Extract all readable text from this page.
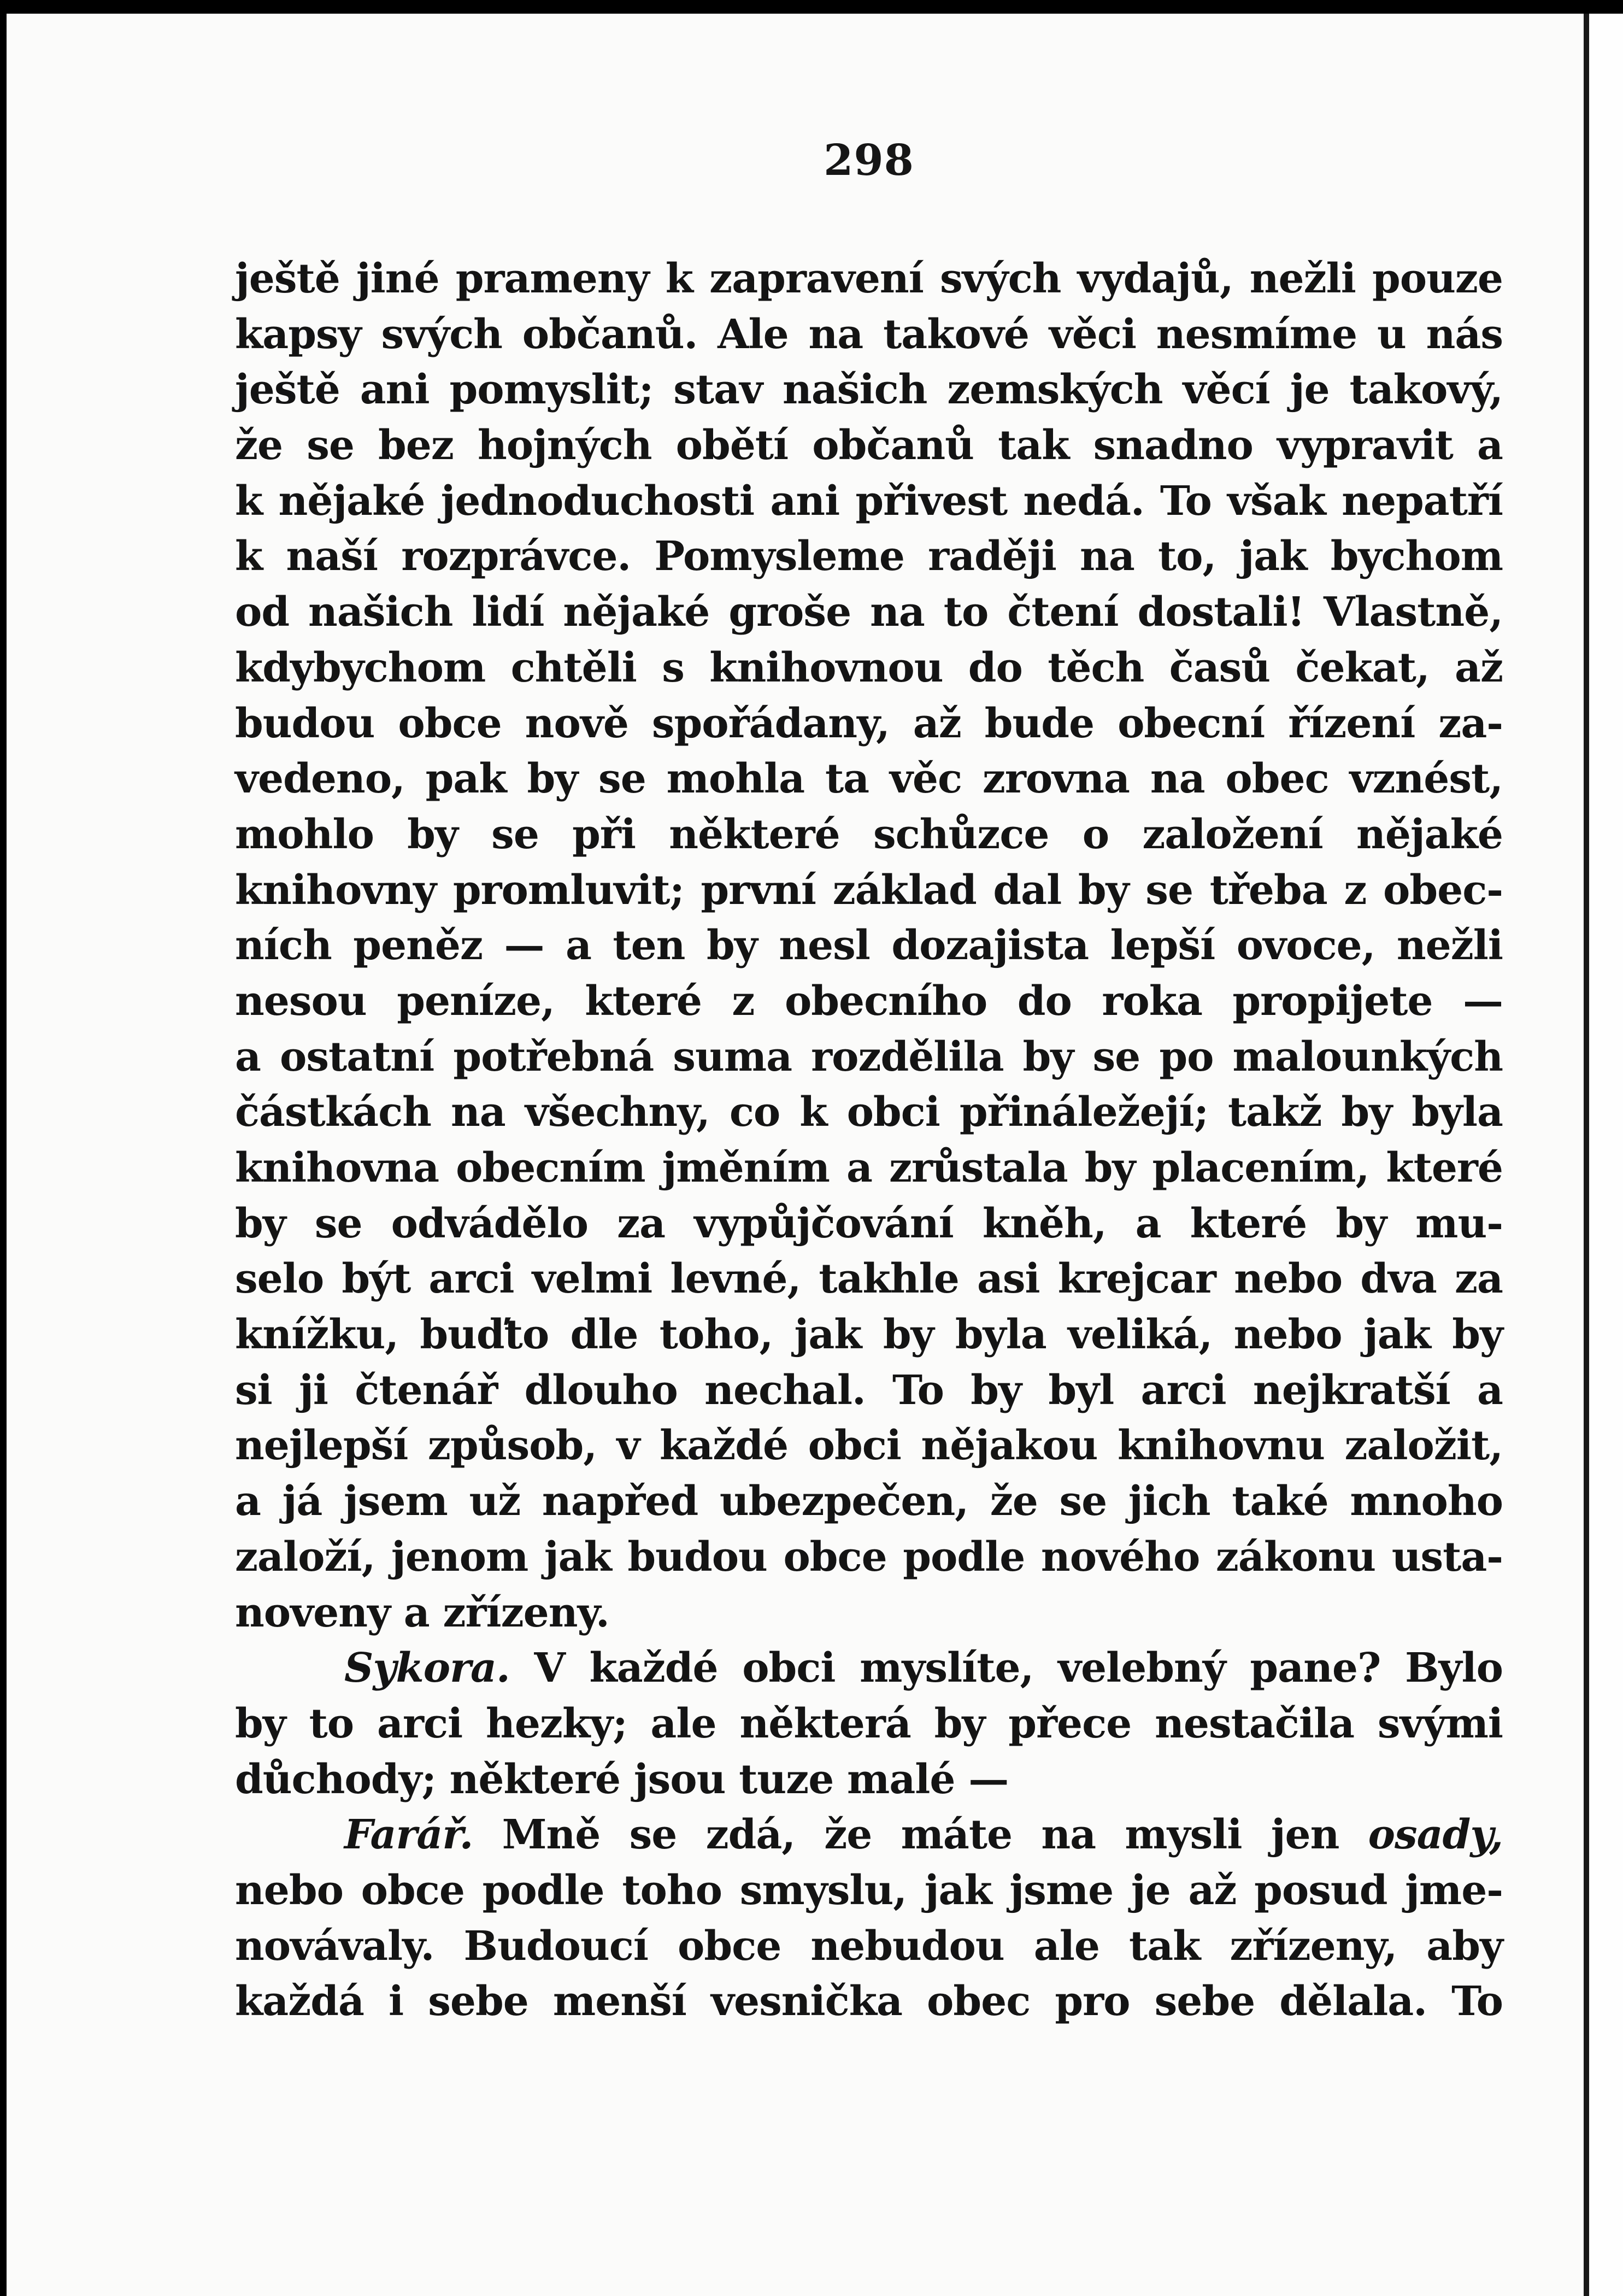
298
ještě jiné prameny k zapravení svých vydajů, nežli pouze
kapsy svých občanů. Ale na takové věci nesmíme u nás
ještě ani pomyslit; stav našich zemských věcí je takový,
že se bez hojných obětí občanů tak snadno vypravit a
k nějaké jednoduchosti ani přivest nedá. To však nepatří
k naší rozprávce. Pomysleme raději na to, jak bychom
od našich lidí nějaké groše na to čtení dostali! Vlastně,
kdybychom chtěli s knihovnou do těch časů čekat, až
budou obce nově spořádany, až bude obecní řízení za-
vedeno, pak by se mohla ta věc zrovna na obec vznést,
mohlo by se při některé schůzce o založení nějaké
knihovny promluvit; první základ dal by se třeba z obec-
ních peněz — a ten by nesl dozajista lepší ovoce, nežli
nesou peníze, které z obecního do roka propijete —
a ostatní potřebná suma rozdělila by se po malounkých
částkách na všechny, co k obci přináležejí; takž by byla
knihovna obecním jměním a zrůstala by placením, které
by se odvádělo za vypůjčování kněh, a které by mu-
selo být arci velmi levné, takhle asi krejcar nebo dva za
knížku, buďto dle toho, jak by byla veliká, nebo jak by
si ji čtenář dlouho nechal. To by byl arci nejkratší a
nejlepší způsob, v každé obci nějakou knihovnu založit,
a já jsem už napřed ubezpečen, že se jich také mnoho
založí, jenom jak budou obce podle nového zákonu usta-
noveny a zřízeny.
Sykora. V každé obci myslíte, velebný pane? Bylo
by to arci hezky; ale některá by přece nestačila svými
důchody; některé jsou tuze malé —
Farář. Mně se zdá, že máte na mysli jen osady,
nebo obce podle toho smyslu, jak jsme je až posud jme-
novávaly. Budoucí obce nebudou ale tak zřízeny, aby
každá i sebe menší vesnička obec pro sebe dělala. To
